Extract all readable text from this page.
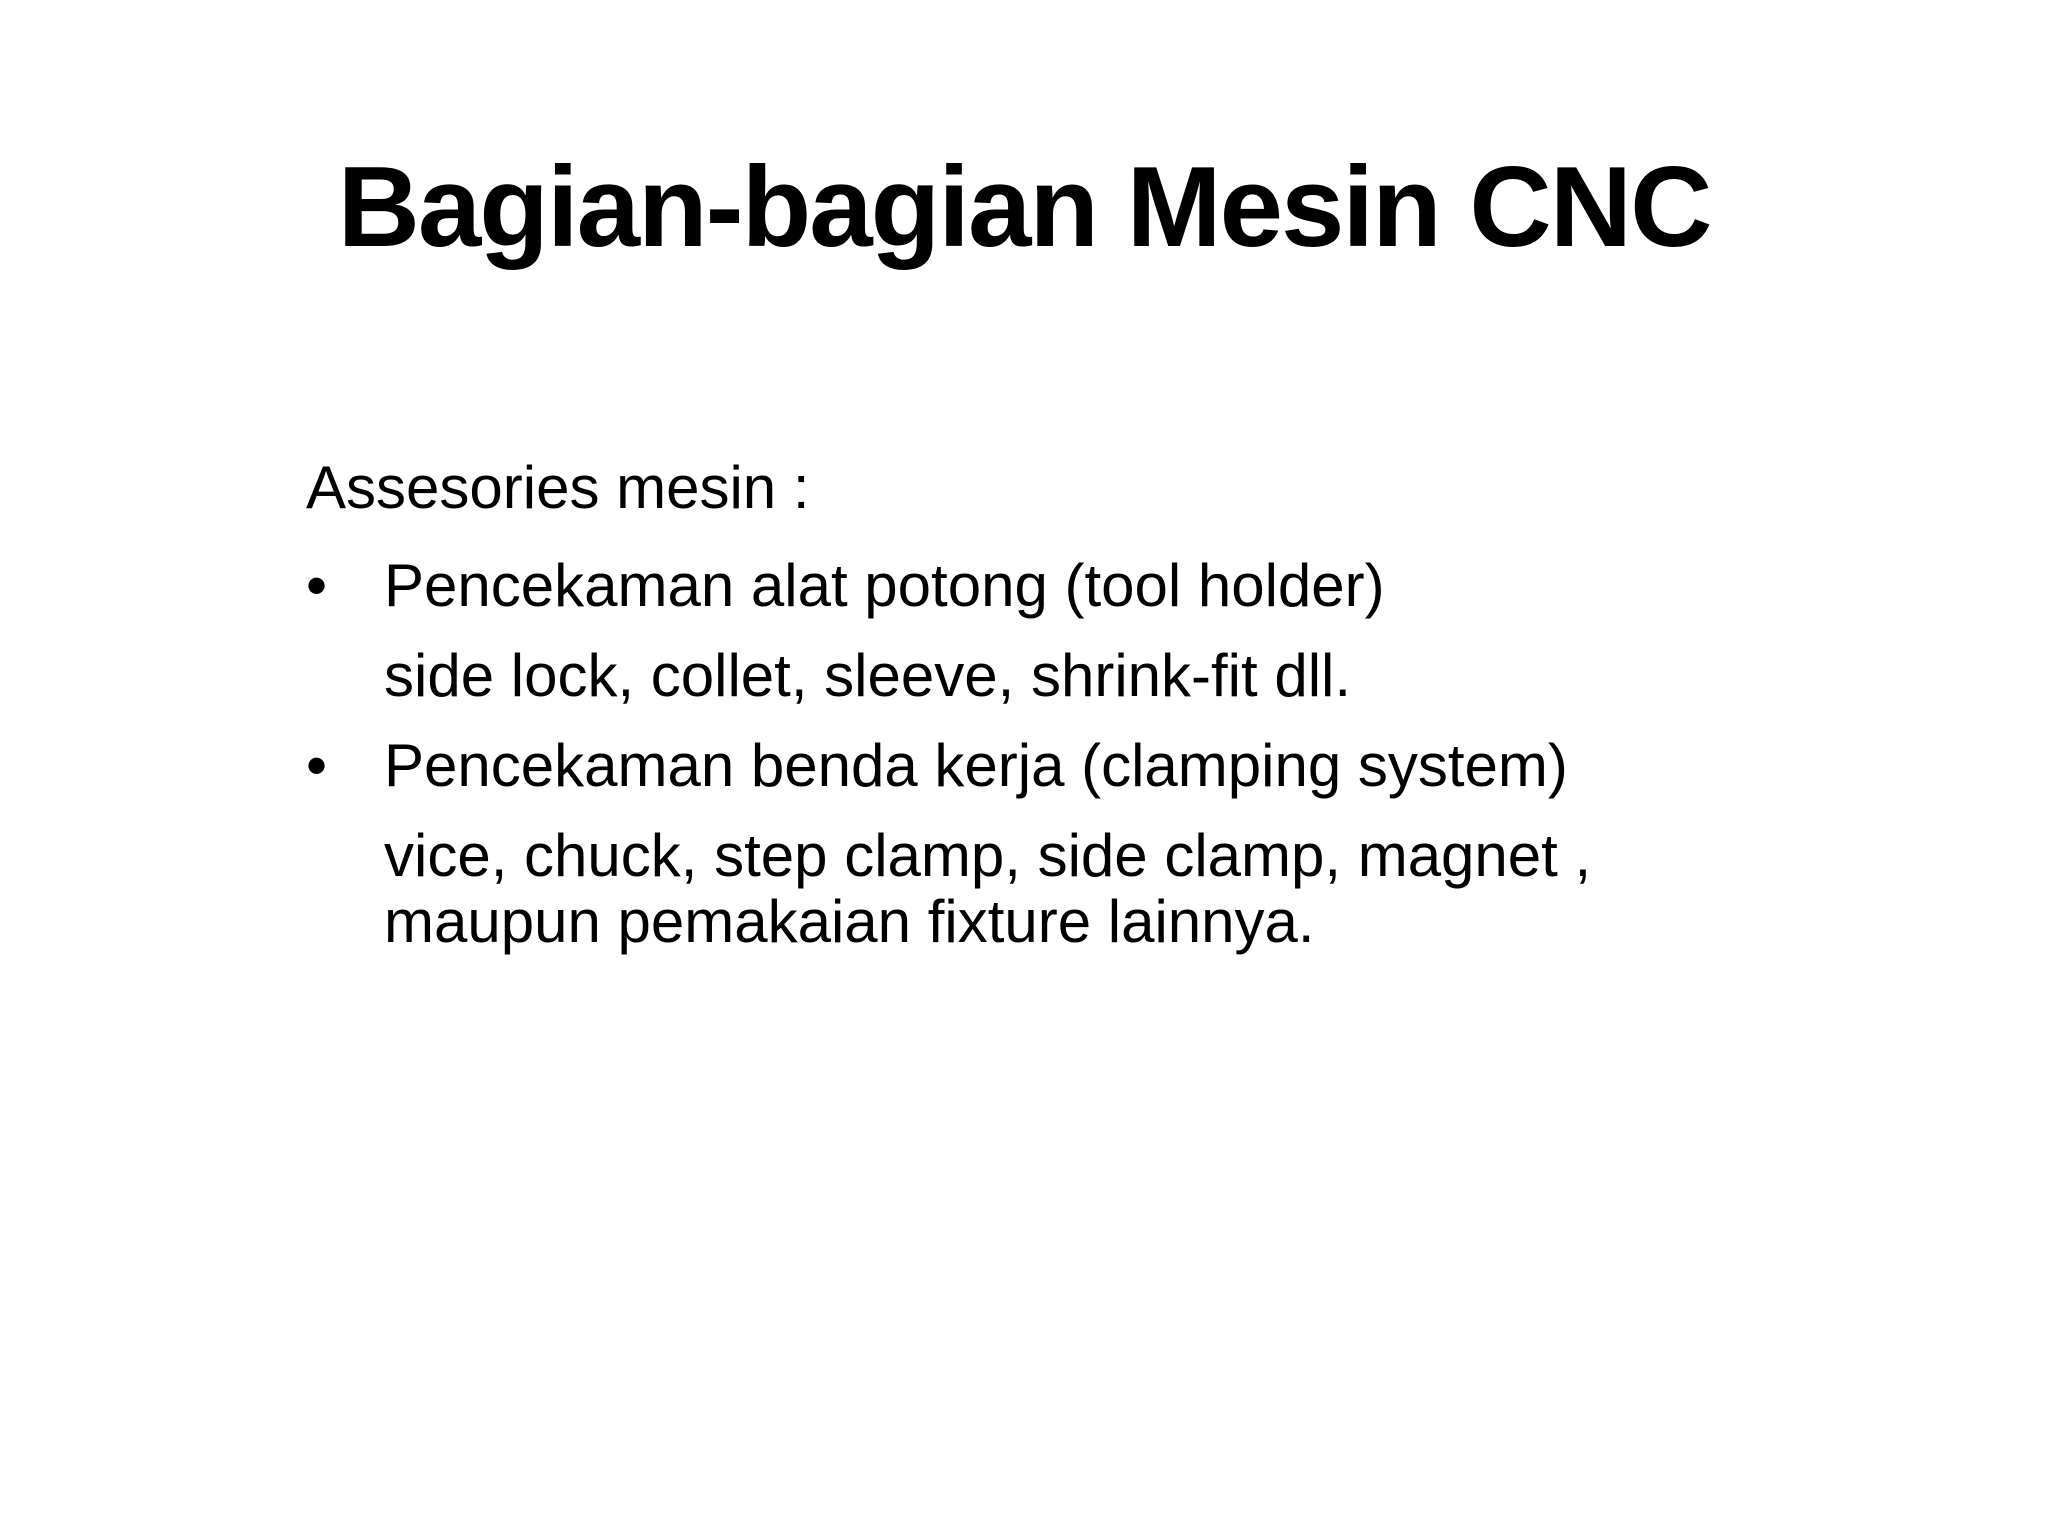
Bagian-bagian Mesin CNC
Assesories mesin :
• Pencekaman alat potong (tool holder)
side lock, collet, sleeve, shrink-fit dll.
• Pencekaman benda kerja (clamping system)
vice, chuck, step clamp, side clamp, magnet ,
maupun pemakaian fixture lainnya.
